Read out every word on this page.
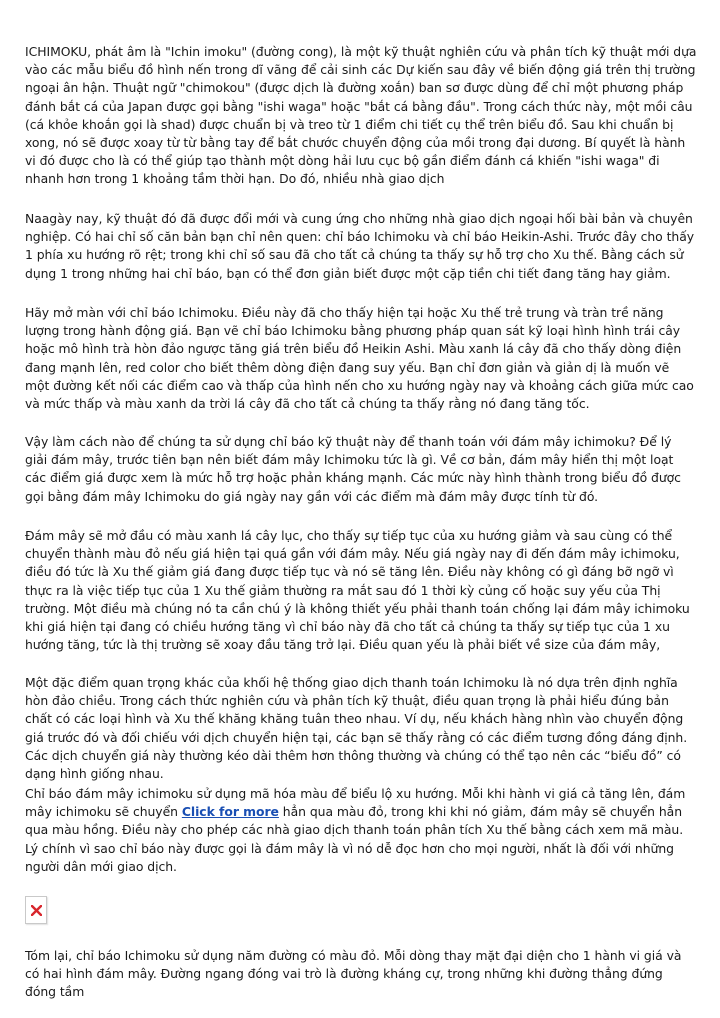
ICHIMOKU, phát âm là "Ichin imoku" (đường cong), là một kỹ thuật nghiên cứu và phân tích kỹ thuật mới dựa vào các mẫu biểu đồ hình nến trong dĩ vãng để cải sinh các Dự kiến sau đây về biến động giá trên thị trường ngoại ân hận. Thuật ngữ "chimokou" (được dịch là đường xoắn) ban sơ được dùng để chỉ một phương pháp đánh bắt cá của Japan được gọi bằng "ishi waga" hoặc "bắt cá bằng đầu". Trong cách thức này, một mồi câu (cá khỏe khoắn gọi là shad) được chuẩn bị và treo từ 1 điểm chi tiết cụ thể trên biểu đồ. Sau khi chuẩn bị xong, nó sẽ được xoay từ từ bằng tay để bắt chước chuyển động của mồi trong đại dương. Bí quyết là hành vi đó được cho là có thể giúp tạo thành một dòng hải lưu cục bộ gần điểm đánh cá khiến "ishi waga" đi nhanh hơn trong 1 khoảng tầm thời hạn. Do đó, nhiều nhà giao dịch

Naagày nay, kỹ thuật đó đã được đổi mới và cung ứng cho những nhà giao dịch ngoại hối bài bản và chuyên nghiệp. Có hai chỉ số căn bản bạn chỉ nên quen: chỉ báo Ichimoku và chỉ báo Heikin-Ashi. Trước đây cho thấy 1 phía xu hướng rõ rệt; trong khi chỉ số sau đã cho tất cả chúng ta thấy sự hỗ trợ cho Xu thế. Bằng cách sử dụng 1 trong những hai chỉ báo, bạn có thể đơn giản biết được một cặp tiền chi tiết đang tăng hay giảm.

Hãy mở màn với chỉ báo Ichimoku. Điều này đã cho thấy hiện tại hoặc Xu thế trẻ trung và tràn trề năng lượng trong hành động giá. Bạn vẽ chỉ báo Ichimoku bằng phương pháp quan sát kỹ loại hình hình trái cây hoặc mô hình trà hòn đảo ngược tăng giá trên biểu đồ Heikin Ashi. Màu xanh lá cây đã cho thấy dòng điện đang mạnh lên, red color cho biết thêm dòng điện đang suy yếu. Bạn chỉ đơn giản và giản dị là muốn vẽ một đường kết nối các điểm cao và thấp của hình nến cho xu hướng ngày nay và khoảng cách giữa mức cao và mức thấp và màu xanh da trời lá cây đã cho tất cả chúng ta thấy rằng nó đang tăng tốc.

Vậy làm cách nào để chúng ta sử dụng chỉ báo kỹ thuật này để thanh toán với đám mây ichimoku? Để lý giải đám mây, trước tiên bạn nên biết đám mây Ichimoku tức là gì. Về cơ bản, đám mây hiển thị một loạt các điểm giá được xem là mức hỗ trợ hoặc phản kháng mạnh. Các mức này hình thành trong biểu đồ được gọi bằng đám mây Ichimoku do giá ngày nay gần với các điểm mà đám mây được tính từ đó.

Đám mây sẽ mở đầu có màu xanh lá cây lục, cho thấy sự tiếp tục của xu hướng giảm và sau cùng có thể chuyển thành màu đỏ nếu giá hiện tại quá gần với đám mây. Nếu giá ngày nay đi đến đám mây ichimoku, điều đó tức là Xu thế giảm giá đang được tiếp tục và nó sẽ tăng lên. Điều này không có gì đáng bỡ ngỡ vì thực ra là việc tiếp tục của 1 Xu thế giảm thường ra mắt sau đó 1 thời kỳ củng cố hoặc suy yếu của Thị trường. Một điều mà chúng nó ta cần chú ý là không thiết yếu phải thanh toán chống lại đám mây ichimoku khi giá hiện tại đang có chiều hướng tăng vì chỉ báo này đã cho tất cả chúng ta thấy sự tiếp tục của 1 xu hướng tăng, tức là thị trường sẽ xoay đầu tăng trở lại. Điều quan yếu là phải biết về size của đám mây,

Một đặc điểm quan trọng khác của khối hệ thống giao dịch thanh toán Ichimoku là nó dựa trên định nghĩa hòn đảo chiều. Trong cách thức nghiên cứu và phân tích kỹ thuật, điều quan trọng là phải hiểu đúng bản chất có các loại hình và Xu thế khăng khăng tuân theo nhau. Ví dụ, nếu khách hàng nhìn vào chuyển động giá trước đó và đối chiếu với dịch chuyển hiện tại, các bạn sẽ thấy rằng có các điểm tương đồng đáng định. Các dịch chuyển giá này thường kéo dài thêm hơn thông thường và chúng có thể tạo nên các “biểu đồ” có dạng hình giống nhau.

Chỉ báo đám mây ichimoku sử dụng mã hóa màu để biểu lộ xu hướng. Mỗi khi hành vi giá cả tăng lên, đám mây ichimoku sẽ chuyển Click for more hẳn qua màu đỏ, trong khi khi nó giảm, đám mây sẽ chuyển hẳn qua màu hồng. Điều này cho phép các nhà giao dịch thanh toán phân tích Xu thế bằng cách xem mã màu. Lý chính vì sao chỉ báo này được gọi là đám mây là vì nó dễ đọc hơn cho mọi người, nhất là đối với những người dân mới giao dịch.

Tóm lại, chỉ báo Ichimoku sử dụng năm đường có màu đỏ. Mỗi dòng thay mặt đại diện cho 1 hành vi giá và có hai hình đám mây. Đường ngang đóng vai trò là đường kháng cự, trong những khi đường thẳng đứng đóng tầm
